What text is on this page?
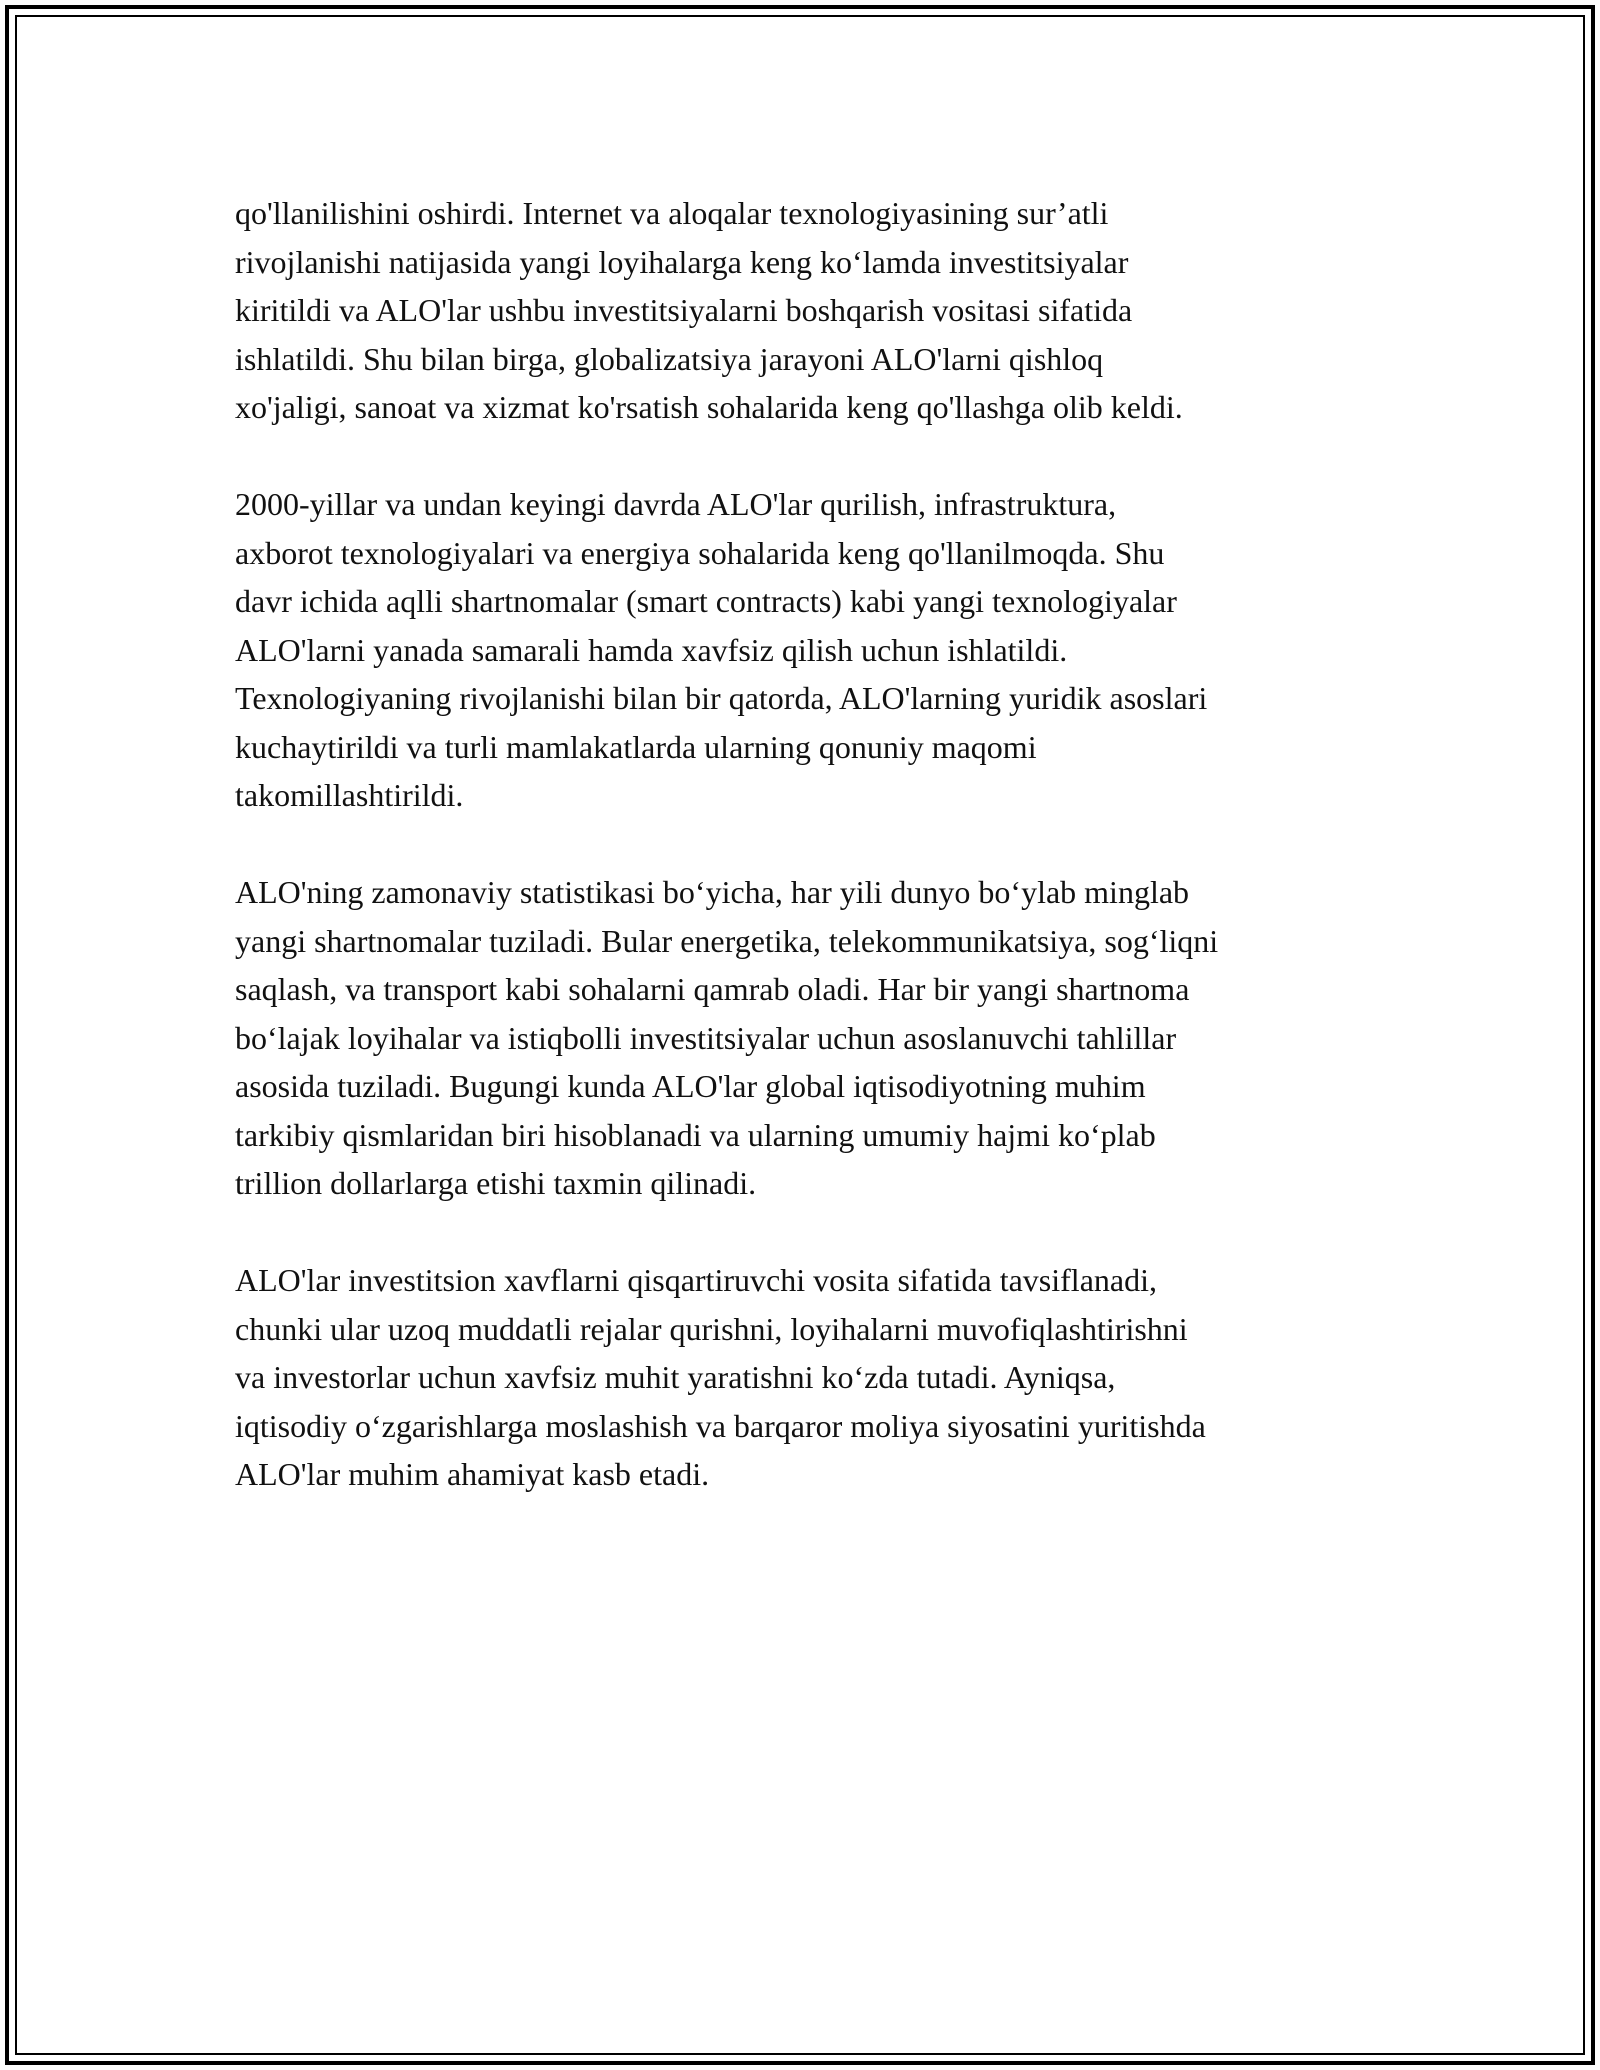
qo'llanilishini oshirdi. Internet va aloqalar texnologiyasining sur’atli
rivojlanishi natijasida yangi loyihalarga keng ko‘lamda investitsiyalar
kiritildi va ALO'lar ushbu investitsiyalarni boshqarish vositasi sifatida
ishlatildi. Shu bilan birga, globalizatsiya jarayoni ALO'larni qishloq
xo'jaligi, sanoat va xizmat ko'rsatish sohalarida keng qo'llashga olib keldi.

2000-yillar va undan keyingi davrda ALO'lar qurilish, infrastruktura,
axborot texnologiyalari va energiya sohalarida keng qo'llanilmoqda. Shu
davr ichida aqlli shartnomalar (smart contracts) kabi yangi texnologiyalar
ALO'larni yanada samarali hamda xavfsiz qilish uchun ishlatildi.
Texnologiyaning rivojlanishi bilan bir qatorda, ALO'larning yuridik asoslari
kuchaytirildi va turli mamlakatlarda ularning qonuniy maqomi
takomillashtirildi.

ALO'ning zamonaviy statistikasi bo‘yicha, har yili dunyo bo‘ylab minglab
yangi shartnomalar tuziladi. Bular energetika, telekommunikatsiya, sog‘liqni
saqlash, va transport kabi sohalarni qamrab oladi. Har bir yangi shartnoma
bo‘lajak loyihalar va istiqbolli investitsiyalar uchun asoslanuvchi tahlillar
asosida tuziladi. Bugungi kunda ALO'lar global iqtisodiyotning muhim
tarkibiy qismlaridan biri hisoblanadi va ularning umumiy hajmi ko‘plab
trillion dollarlarga etishi taxmin qilinadi.

ALO'lar investitsion xavflarni qisqartiruvchi vosita sifatida tavsiflanadi,
chunki ular uzoq muddatli rejalar qurishni, loyihalarni muvofiqlashtirishni
va investorlar uchun xavfsiz muhit yaratishni ko‘zda tutadi. Ayniqsa,
iqtisodiy o‘zgarishlarga moslashish va barqaror moliya siyosatini yuritishda
ALO'lar muhim ahamiyat kasb etadi.
